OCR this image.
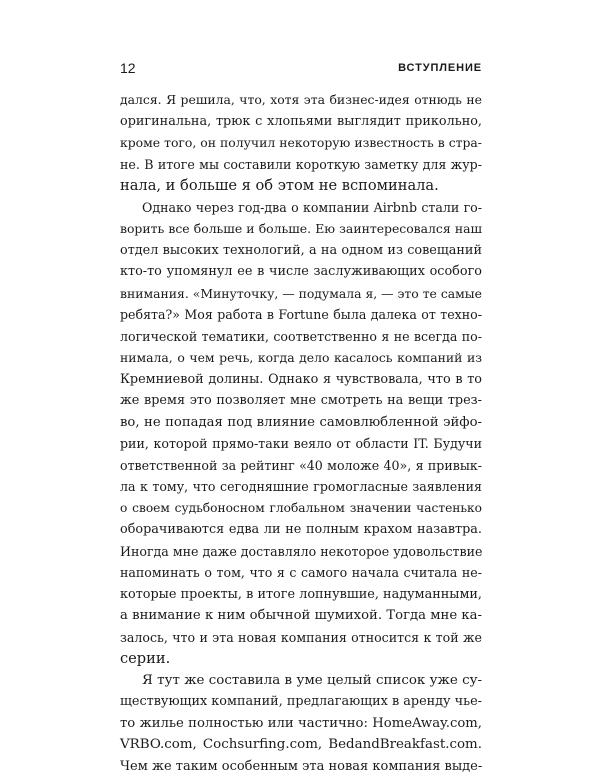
12	ВСТУПЛЕНИЕ
дался. Я решила, что, хотя эта бизнес-идея отнюдь не
оригинальна, трюк с хлопьями выглядит прикольно,
кроме того, он получил некоторую известность в стра-
не. В итоге мы составили короткую заметку для жур-
нала, и больше я об этом не вспоминала.
Однако через год-два о компании Airbnb стали го-
ворить все больше и больше. Ею заинтересовался наш
отдел высоких технологий, а на одном из совещаний
кто-то упомянул ее в числе заслуживающих особого
внимания. «Минуточку, — подумала я, — это те самые
ребята?» Моя работа в Fortune была далека от техно-
логической тематики, соответственно я не всегда по-
нимала, о чем речь, когда дело касалось компаний из
Кремниевой долины. Однако я чувствовала, что в то
же время это позволяет мне смотреть на вещи трез-
во, не попадая под влияние самовлюбленной эйфо-
рии, которой прямо-таки веяло от области IT. Будучи
ответственной за рейтинг «40 моложе 40», я привык-
ла к тому, что сегодняшние громогласные заявления
о своем судьбоносном глобальном значении частенько
оборачиваются едва ли не полным крахом назавтра.
Иногда мне даже доставляло некоторое удовольствие
напоминать о том, что я с самого начала считала не-
которые проекты, в итоге лопнувшие, надуманными,
а внимание к ним обычной шумихой. Тогда мне ка-
залось, что и эта новая компания относится к той же
серии.
Я тут же составила в уме целый список уже су-
ществующих компаний, предлагающих в аренду чье-
то жилье полностью или частично: HomeAway.com,
VRBO.com, Cochsurfing.com, BedandBreakfast.com.
Чем же таким особенным эта новая компания выде-
